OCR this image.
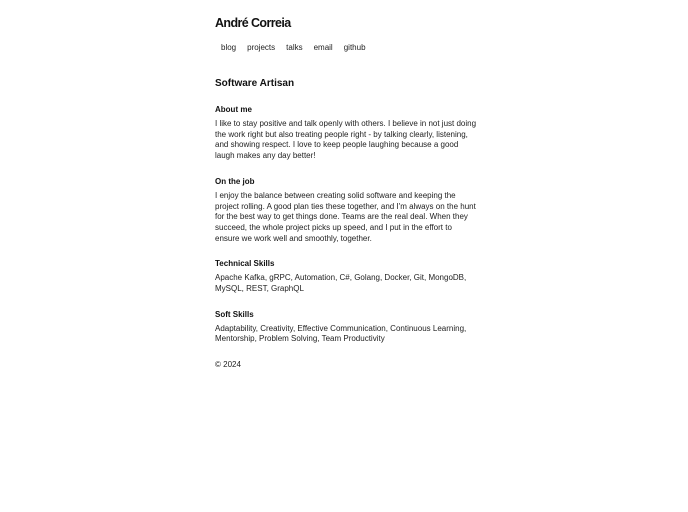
André Correia
blog projects talks email github
Software Artisan
About me

I like to stay positive and talk openly with others. I believe in not just doing the work right but also treating people right - by talking clearly, listening, and showing respect. I love to keep people laughing because a good laugh makes any day better!

On the job

I enjoy the balance between creating solid software and keeping the project rolling. A good plan ties these together, and I'm always on the hunt for the best way to get things done. Teams are the real deal. When they succeed, the whole project picks up speed, and I put in the effort to ensure we work well and smoothly, together.

Technical Skills

Apache Kafka, gRPC, Automation, C#, Golang, Docker, Git, MongoDB, MySQL, REST, GraphQL

Soft Skills

Adaptability, Creativity, Effective Communication, Continuous Learning, Mentorship, Problem Solving, Team Productivity

© 2024
